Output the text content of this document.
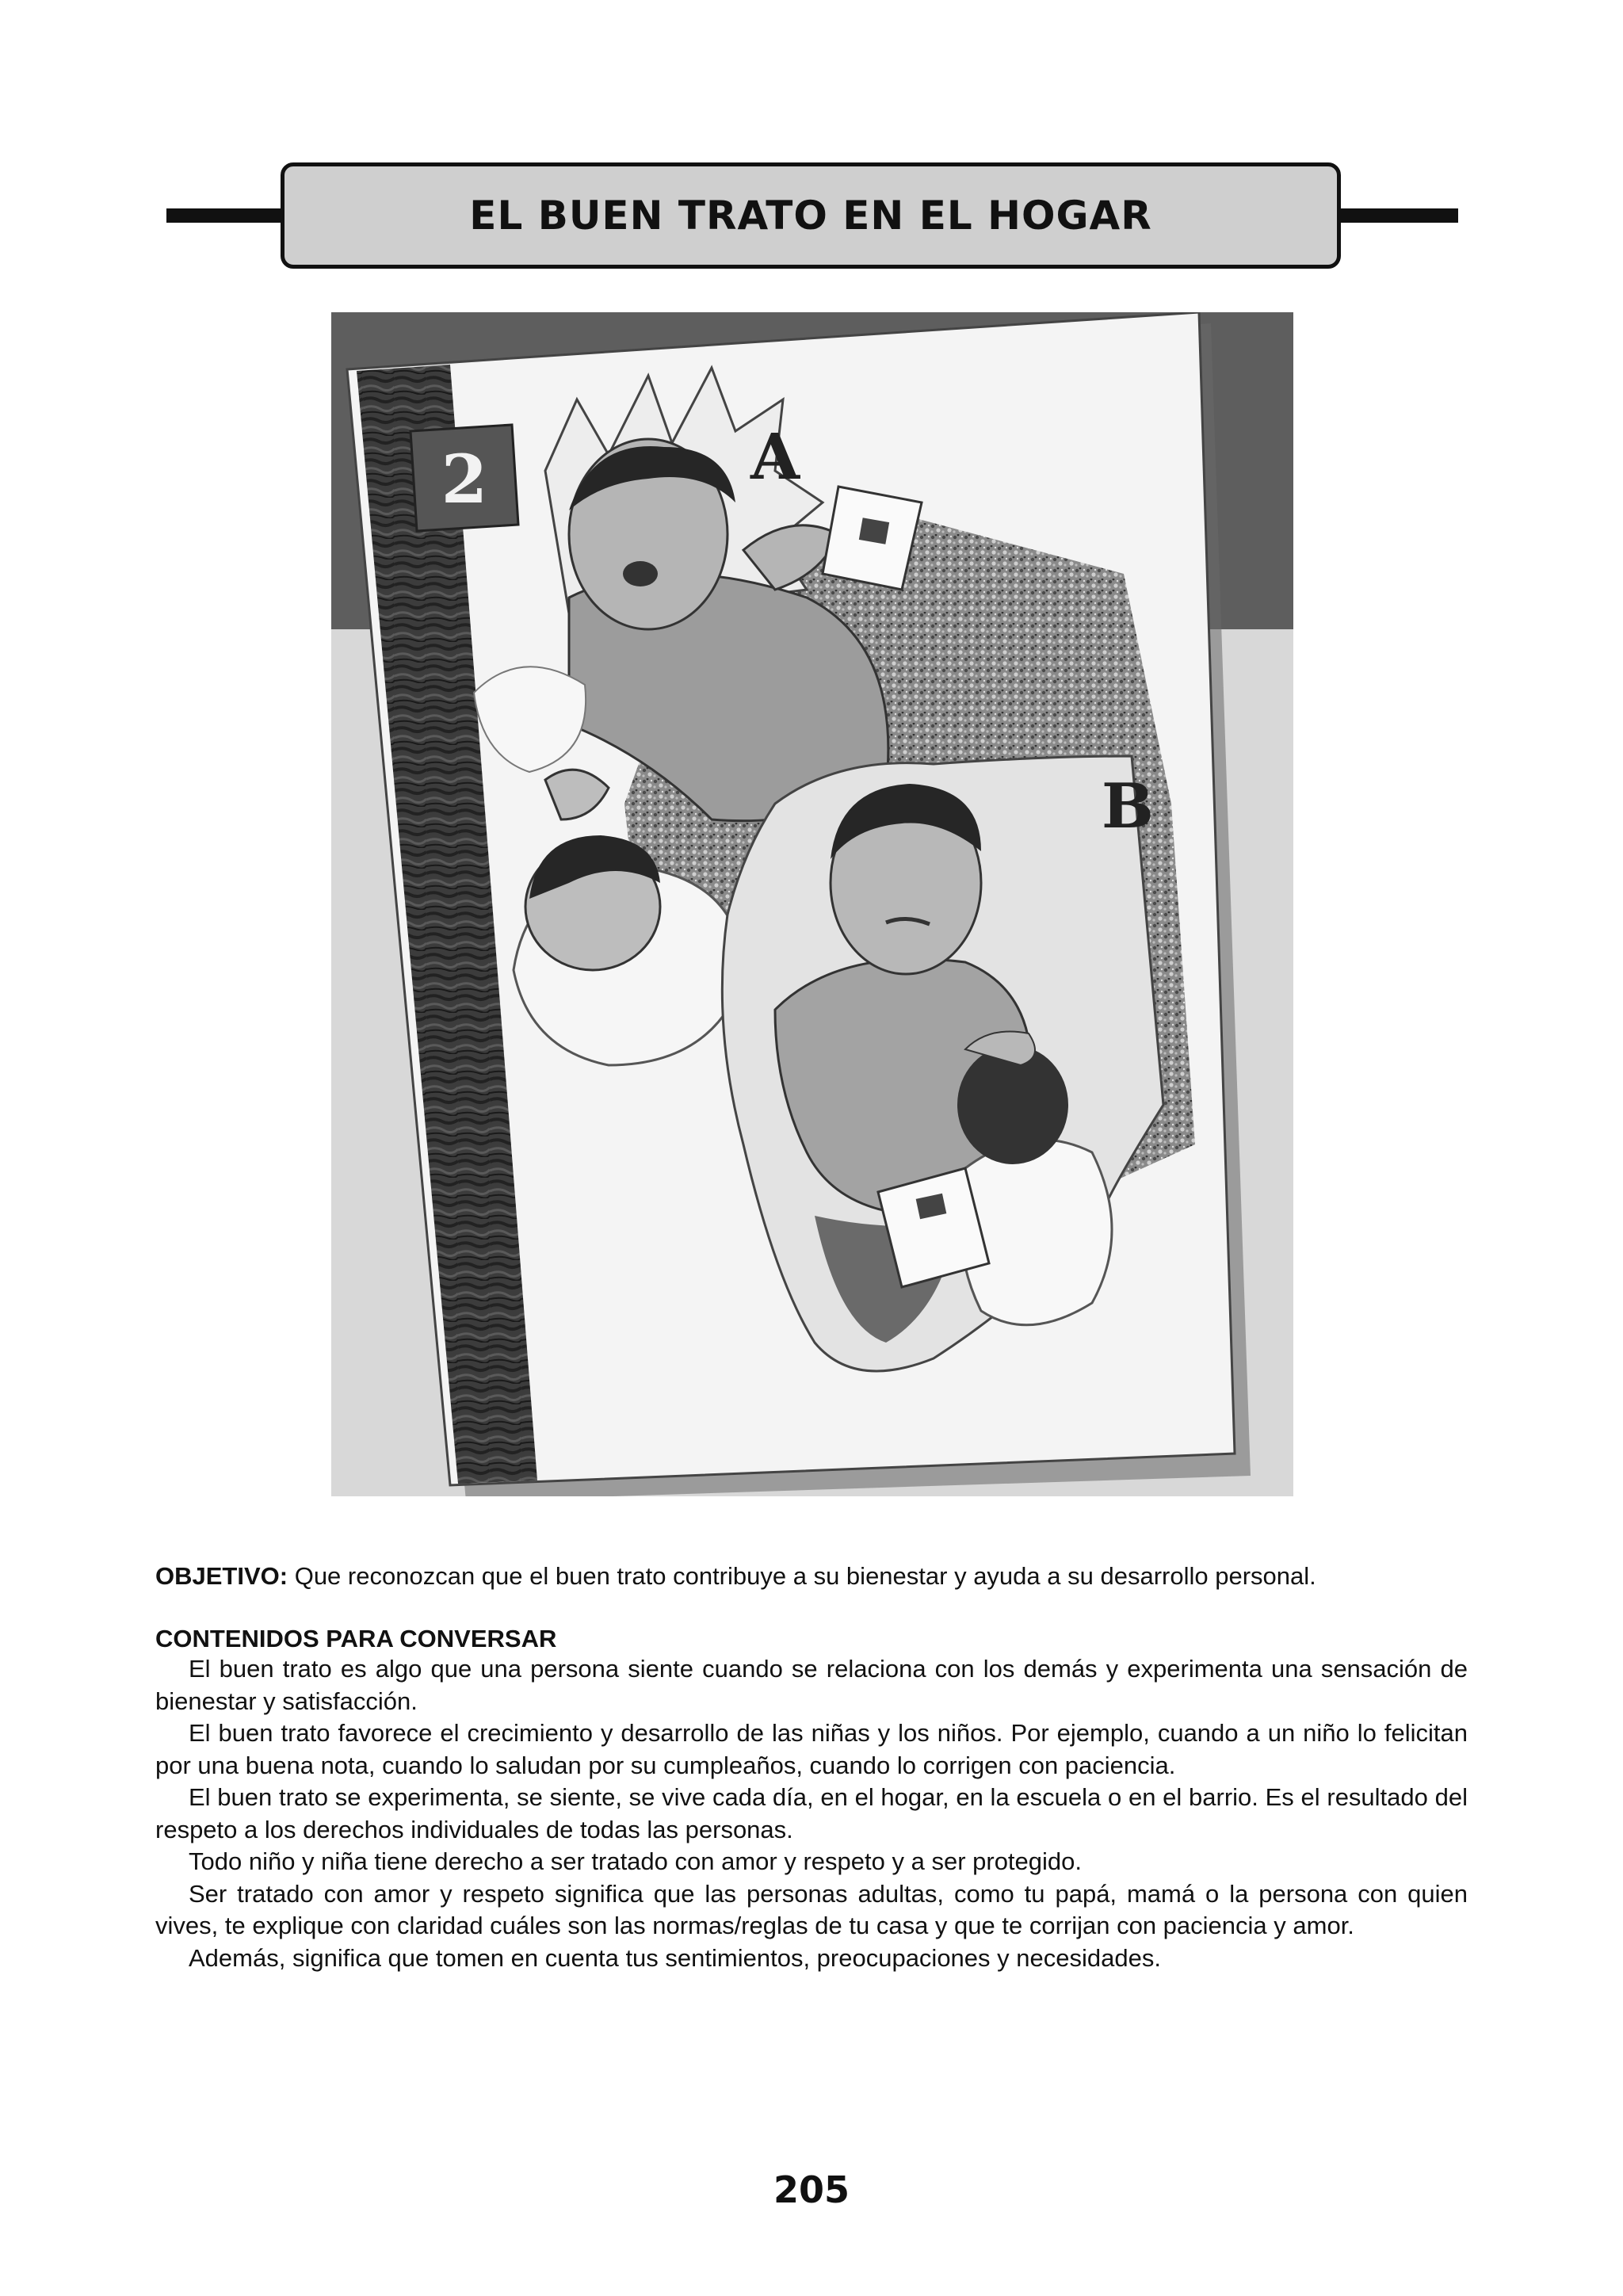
EL BUEN TRATO EN EL HOGAR
2	A
B
OBJETIVO: Que reconozcan que el buen trato contribuye a su bienestar y ayuda a su desarrollo personal.
CONTENIDOS PARA CONVERSAR

El buen trato es algo que una persona siente cuando se relaciona con los demás y experimenta una sensación de bienestar y satisfacción.

El buen trato favorece el crecimiento y desarrollo de las niñas y los niños. Por ejemplo, cuando a un niño lo felicitan por una buena nota, cuando lo saludan por su cumpleaños, cuando lo corrigen con paciencia.

El buen trato se experimenta, se siente, se vive cada día, en el hogar, en la escuela o en el barrio. Es el resultado del respeto a los derechos individuales de todas las personas.

Todo niño y niña tiene derecho a ser tratado con amor y respeto y a ser protegido.

Ser tratado con amor y respeto significa que las personas adultas, como tu papá, mamá o la persona con quien vives, te explique con claridad cuáles son las normas/reglas de tu casa y que te corrijan con paciencia y amor.

Además, significa que tomen en cuenta tus sentimientos, preocupaciones y necesidades.

205
